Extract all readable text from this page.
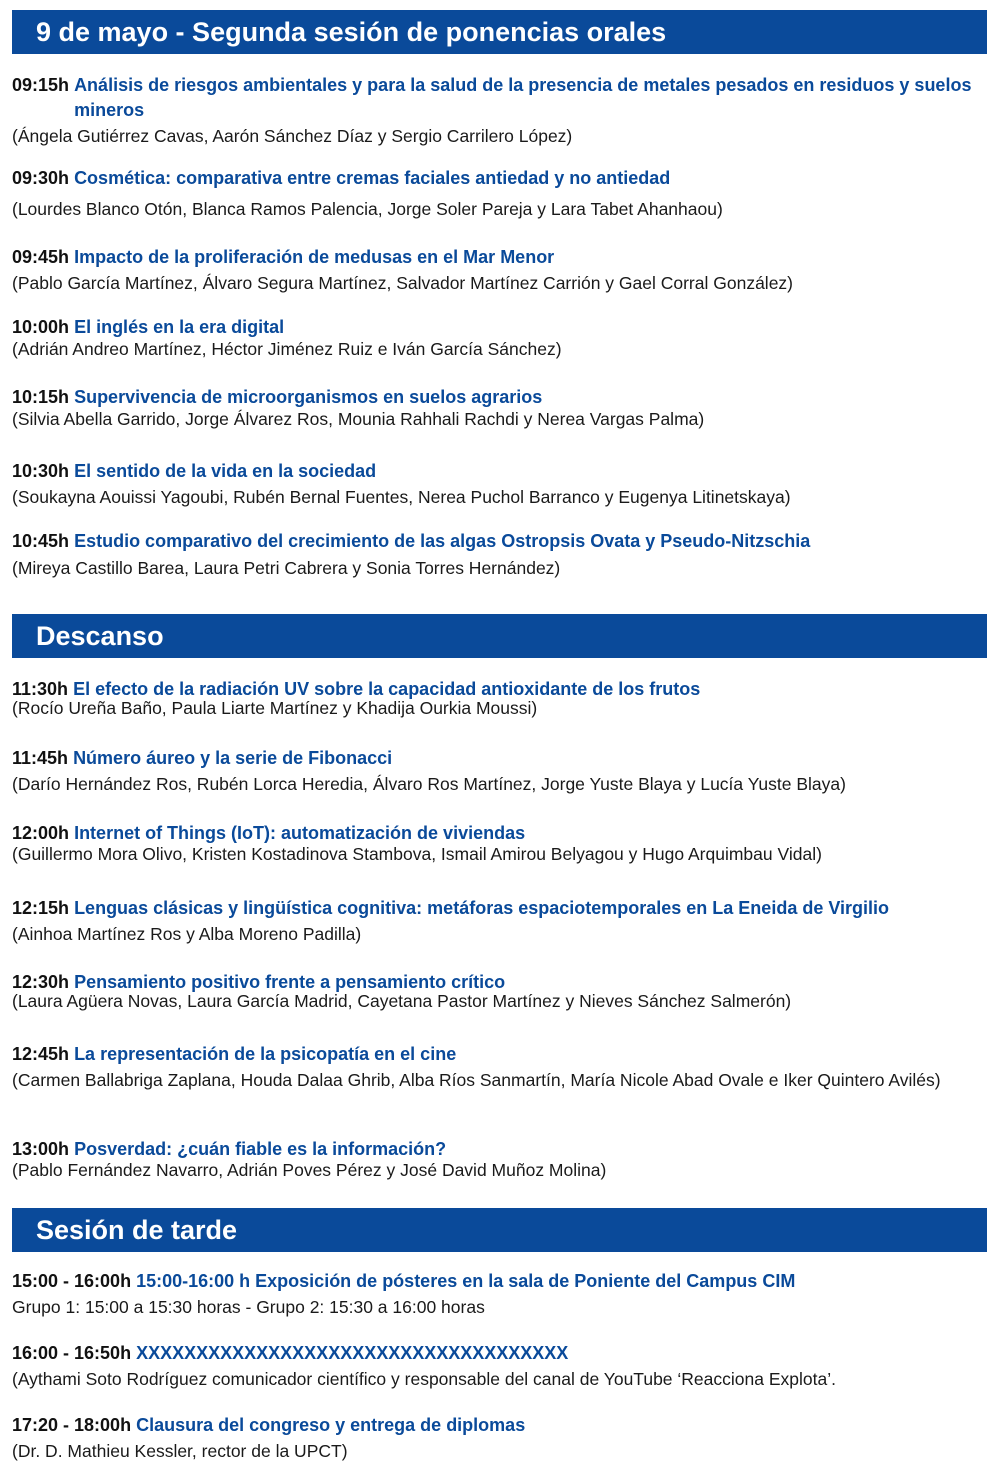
9 de mayo - Segunda sesión de ponencias orales
09:15h Análisis de riesgos ambientales y para la salud de la presencia de metales pesados en residuos y suelos mineros
(Ángela Gutiérrez Cavas, Aarón Sánchez Díaz y Sergio Carrilero López)
09:30h Cosmética: comparativa entre cremas faciales antiedad y no antiedad
(Lourdes Blanco Otón, Blanca Ramos Palencia, Jorge Soler Pareja y Lara Tabet Ahanhaou)
09:45h Impacto de la proliferación de medusas en el Mar Menor
(Pablo García Martínez, Álvaro Segura Martínez, Salvador Martínez Carrión y Gael Corral González)
10:00h El inglés en la era digital
(Adrián Andreo Martínez, Héctor Jiménez Ruiz e Iván García Sánchez)
10:15h Supervivencia de microorganismos en suelos agrarios
(Silvia Abella Garrido, Jorge Álvarez Ros, Mounia Rahhali Rachdi y Nerea Vargas Palma)
10:30h El sentido de la vida en la sociedad
(Soukayna Aouissi Yagoubi, Rubén Bernal Fuentes, Nerea Puchol Barranco y Eugenya Litinetskaya)
10:45h Estudio comparativo del crecimiento de las algas Ostropsis Ovata y Pseudo-Nitzschia
(Mireya Castillo Barea, Laura Petri Cabrera y Sonia Torres Hernández)
Descanso
11:30h El efecto de la radiación UV sobre la capacidad antioxidante de los frutos
(Rocío Ureña Baño, Paula Liarte Martínez y Khadija Ourkia Moussi)
11:45h Número áureo y la serie de Fibonacci
(Darío Hernández Ros, Rubén Lorca Heredia, Álvaro Ros Martínez, Jorge Yuste Blaya y Lucía Yuste Blaya)
12:00h Internet of Things (IoT): automatización de viviendas
(Guillermo Mora Olivo, Kristen Kostadinova Stambova, Ismail Amirou Belyagou y Hugo Arquimbau Vidal)
12:15h Lenguas clásicas y lingüística cognitiva: metáforas espaciotemporales en La Eneida de Virgilio
(Ainhoa Martínez Ros y Alba Moreno Padilla)
12:30h Pensamiento positivo frente a pensamiento crítico
(Laura Agüera Novas, Laura García Madrid, Cayetana Pastor Martínez y Nieves Sánchez Salmerón)
12:45h La representación de la psicopatía en el cine
(Carmen Ballabriga Zaplana, Houda Dalaa Ghrib, Alba Ríos Sanmartín, María Nicole Abad Ovale e Iker Quintero Avilés)
13:00h Posverdad: ¿cuán fiable es la información?
(Pablo Fernández Navarro, Adrián Poves Pérez y José David Muñoz Molina)
Sesión de tarde
15:00 - 16:00h 15:00-16:00 h Exposición de pósteres en la sala de Poniente del Campus CIM
Grupo 1: 15:00 a 15:30 horas - Grupo 2: 15:30 a 16:00 horas
16:00 - 16:50h XXXXXXXXXXXXXXXXXXXXXXXXXXXXXXXXXXXX
(Aythami Soto Rodríguez comunicador científico y responsable del canal de YouTube ‘Reacciona Explota’.
17:20 - 18:00h Clausura del congreso y entrega de diplomas
(Dr. D. Mathieu Kessler, rector de la UPCT)
